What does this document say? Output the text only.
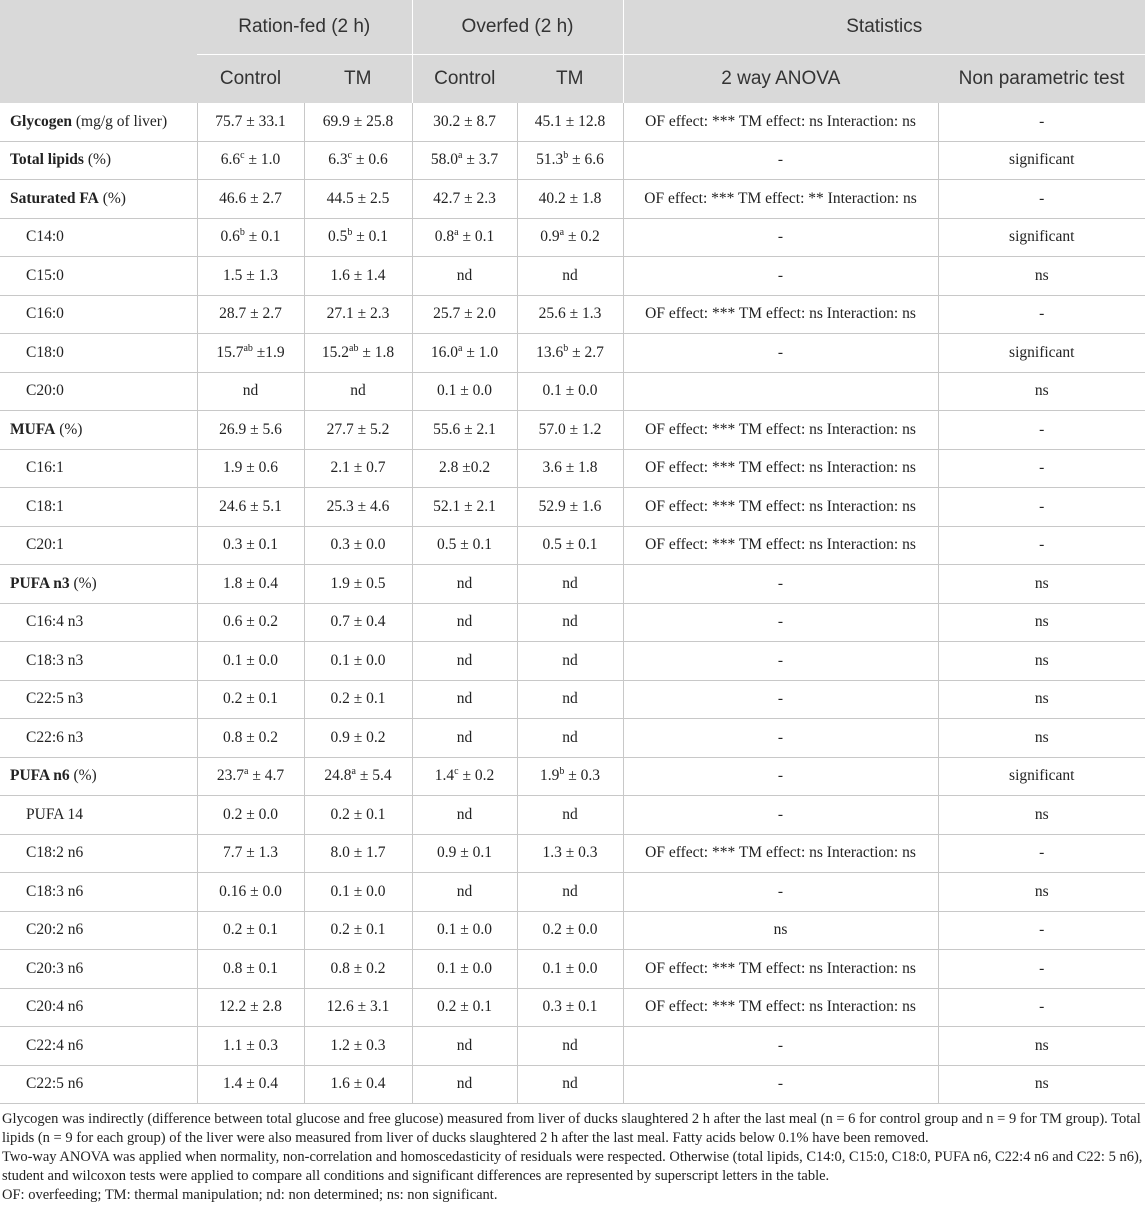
	Ration-fed (2 h)		Overfed (2 h)		Statistics	
	Control	TM	Control	TM	2 way ANOVA	Non parametric test
Glycogen (mg/g of liver)	75.7 ± 33.1	69.9 ± 25.8	30.2 ± 8.7	45.1 ± 12.8	OF effect: *** TM effect: ns Interaction: ns	-
Total lipids (%)	6.6$^c$ ± 1.0	6.3$^c$ ± 0.6	58.0$^a$ ± 3.7	51.3$^b$ ± 6.6	-	significant
Saturated FA (%)	46.6 ± 2.7	44.5 ± 2.5	42.7 ± 2.3	40.2 ± 1.8	OF effect: *** TM effect: ** Interaction: ns	-
C14:0	0.6$^b$ ± 0.1	0.5$^b$ ± 0.1	0.8$^a$ ± 0.1	0.9$^a$ ± 0.2	-	significant
C15:0	1.5 ± 1.3	1.6 ± 1.4	nd	nd	-	ns
C16:0	28.7 ± 2.7	27.1 ± 2.3	25.7 ± 2.0	25.6 ± 1.3	OF effect: *** TM effect: ns Interaction: ns	-
C18:0	15.7$^{ab}$ ±1.9	15.2$^{ab}$ ± 1.8	16.0$^a$ ± 1.0	13.6$^b$ ± 2.7	-	significant
C20:0	nd	nd	0.1 ± 0.0	0.1 ± 0.0		ns
MUFA (%)	26.9 ± 5.6	27.7 ± 5.2	55.6 ± 2.1	57.0 ± 1.2	OF effect: *** TM effect: ns Interaction: ns	-
C16:1	1.9 ± 0.6	2.1 ± 0.7	2.8 ±0.2	3.6 ± 1.8	OF effect: *** TM effect: ns Interaction: ns	-
C18:1	24.6 ± 5.1	25.3 ± 4.6	52.1 ± 2.1	52.9 ± 1.6	OF effect: *** TM effect: ns Interaction: ns	-
C20:1	0.3 ± 0.1	0.3 ± 0.0	0.5 ± 0.1	0.5 ± 0.1	OF effect: *** TM effect: ns Interaction: ns	-
PUFA n3 (%)	1.8 ± 0.4	1.9 ± 0.5	nd	nd	-	ns
C16:4 n3	0.6 ± 0.2	0.7 ± 0.4	nd	nd	-	ns
C18:3 n3	0.1 ± 0.0	0.1 ± 0.0	nd	nd	-	ns
C22:5 n3	0.2 ± 0.1	0.2 ± 0.1	nd	nd	-	ns
C22:6 n3	0.8 ± 0.2	0.9 ± 0.2	nd	nd	-	ns
PUFA n6 (%)	23.7$^a$ ± 4.7	24.8$^a$ ± 5.4	1.4$^c$ ± 0.2	1.9$^b$ ± 0.3	-	significant
PUFA 14	0.2 ± 0.0	0.2 ± 0.1	nd	nd	-	ns
C18:2 n6	7.7 ± 1.3	8.0 ± 1.7	0.9 ± 0.1	1.3 ± 0.3	OF effect: *** TM effect: ns Interaction: ns	-
C18:3 n6	0.16 ± 0.0	0.1 ± 0.0	nd	nd	-	ns
C20:2 n6	0.2 ± 0.1	0.2 ± 0.1	0.1 ± 0.0	0.2 ± 0.0	ns	-
C20:3 n6	0.8 ± 0.1	0.8 ± 0.2	0.1 ± 0.0	0.1 ± 0.0	OF effect: *** TM effect: ns Interaction: ns	-
C20:4 n6	12.2 ± 2.8	12.6 ± 3.1	0.2 ± 0.1	0.3 ± 0.1	OF effect: *** TM effect: ns Interaction: ns	-
C22:4 n6	1.1 ± 0.3	1.2 ± 0.3	nd	nd	-	ns
C22:5 n6	1.4 ± 0.4	1.6 ± 0.4	nd	nd	-	ns

Glycogen was indirectly (difference between total glucose and free glucose) measured from liver of ducks slaughtered 2 h after the last meal (n = 6 for control group and n = 9 for TM group). Total lipids (n = 9 for each group) of the liver were also measured from liver of ducks slaughtered 2 h after the last meal. Fatty acids below 0.1% have been removed.

Two-way ANOVA was applied when normality, non-correlation and homoscedasticity of residuals were respected. Otherwise (total lipids, C14:0, C15:0, C18:0, PUFA n6, C22:4 n6 and C22: 5 n6), student and wilcoxon tests were applied to compare all conditions and significant differences are represented by superscript letters in the table.

OF: overfeeding; TM: thermal manipulation; nd: non determined; ns: non significant.
